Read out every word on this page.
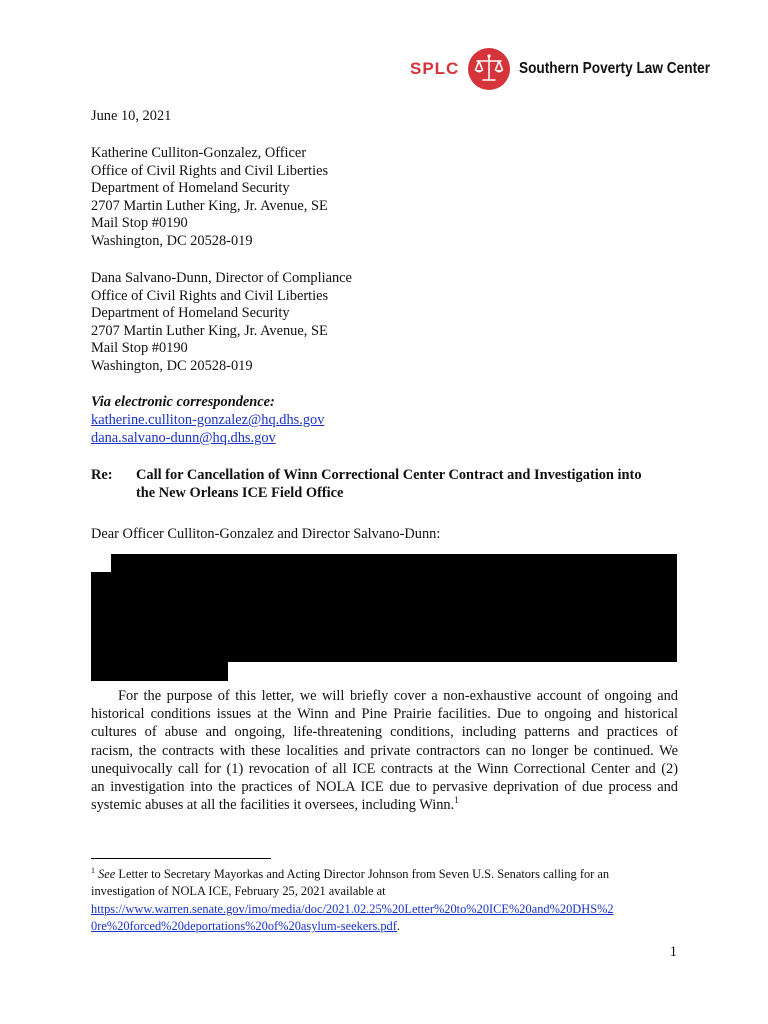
SPLC	Southern Poverty Law Center
June 10, 2021
Katherine Culliton-Gonzalez, Officer
Office of Civil Rights and Civil Liberties
Department of Homeland Security
2707 Martin Luther King, Jr. Avenue, SE
Mail Stop #0190
Washington, DC 20528-019
Dana Salvano-Dunn, Director of Compliance
Office of Civil Rights and Civil Liberties
Department of Homeland Security
2707 Martin Luther King, Jr. Avenue, SE
Mail Stop #0190
Washington, DC 20528-019
Via electronic correspondence:
katherine.culliton-gonzalez@hq.dhs.gov
dana.salvano-dunn@hq.dhs.gov
Re: Call for Cancellation of Winn Correctional Center Contract and Investigation into
the New Orleans ICE Field Office
Dear Officer Culliton-Gonzalez and Director Salvano-Dunn:
For the purpose of this letter, we will briefly cover a non-exhaustive account of ongoing and
historical conditions issues at the Winn and Pine Prairie facilities. Due to ongoing and historical
cultures of abuse and ongoing, life-threatening conditions, including patterns and practices of
racism, the contracts with these localities and private contractors can no longer be continued. We
unequivocally call for (1) revocation of all ICE contracts at the Winn Correctional Center and (2)
an investigation into the practices of NOLA ICE due to pervasive deprivation of due process and
systemic abuses at all the facilities it oversees, including Winn.$^1$
$^1$ See Letter to Secretary Mayorkas and Acting Director Johnson from Seven U.S. Senators calling for an
investigation of NOLA ICE, February 25, 2021 available at
https://www.warren.senate.gov/imo/media/doc/2021.02.25%20Letter%20to%20ICE%20and%20DHS%2
0re%20forced%20deportations%20of%20asylum-seekers.pdf.
1
